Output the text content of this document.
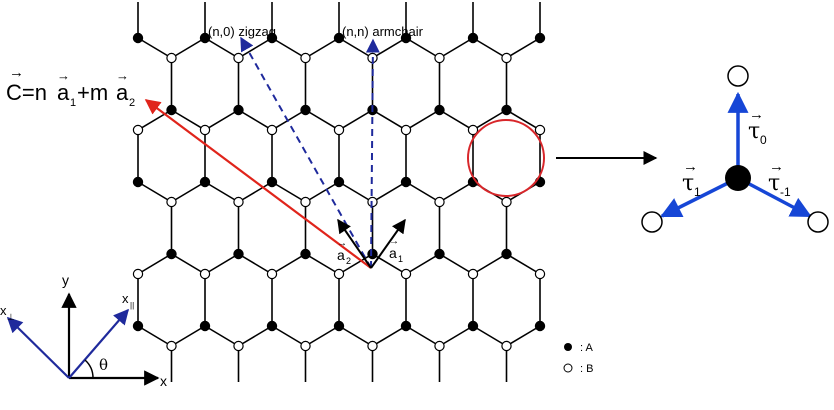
τ 0
→
τ 1
→
τ -1
→
→
C=n
→
a 1 +m
→
a 2
(n,0) zigzag	(n,n) armchair
→
a 1
→
a 2
x
y
θ
x ||
x ⊥
: A
: B
